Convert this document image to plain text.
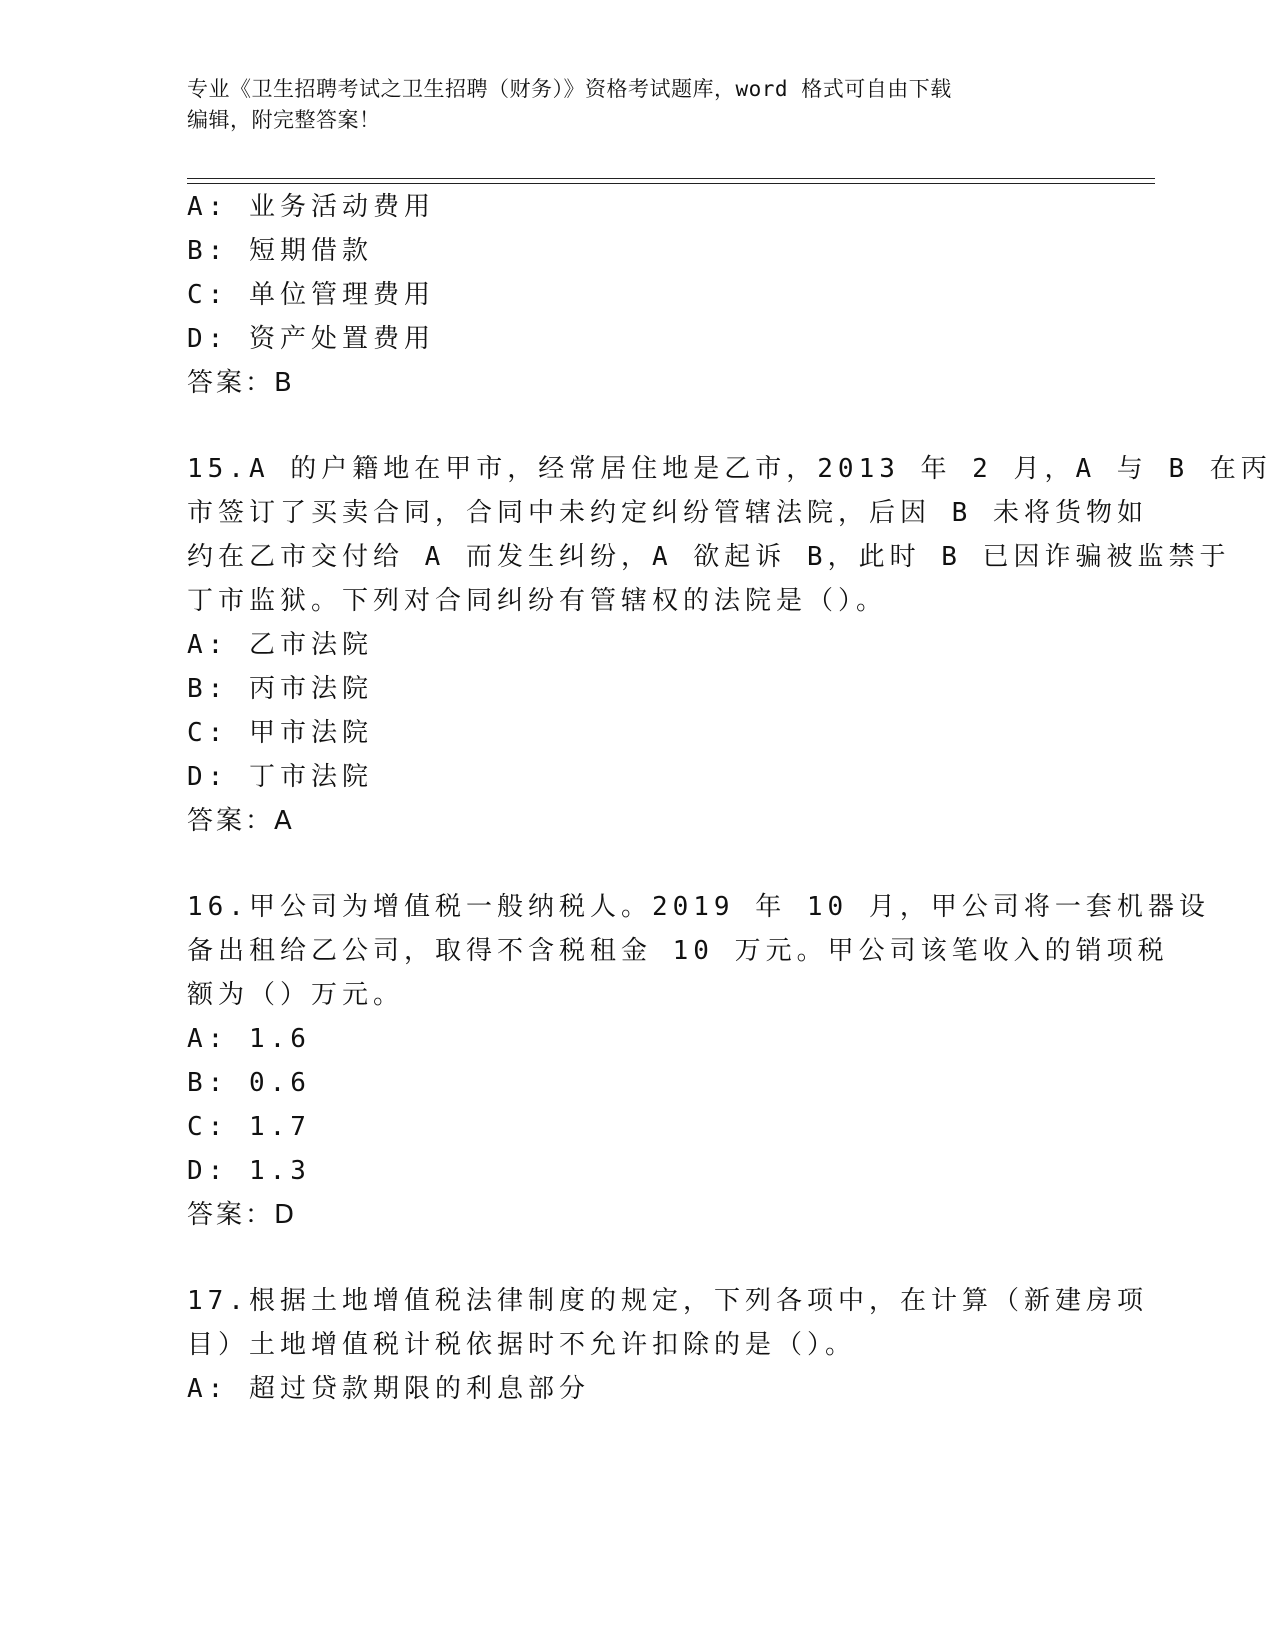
专业《卫生招聘考试之卫生招聘（财务）》资格考试题库，word 格式可自由下载
编辑，附完整答案！
A: 业务活动费用
B: 短期借款
C: 单位管理费用
D: 资产处置费用
答案：B
15.A 的户籍地在甲市，经常居住地是乙市，2013 年 2 月，A 与 B 在丙
市签订了买卖合同，合同中未约定纠纷管辖法院，后因 B 未将货物如
约在乙市交付给 A 而发生纠纷，A 欲起诉 B，此时 B 已因诈骗被监禁于
丁市监狱。下列对合同纠纷有管辖权的法院是（）。
A: 乙市法院
B: 丙市法院
C: 甲市法院
D: 丁市法院
答案：A
16.甲公司为增值税一般纳税人。2019 年 10 月，甲公司将一套机器设
备出租给乙公司，取得不含税租金 10 万元。甲公司该笔收入的销项税
额为（）万元。
A: 1.6
B: 0.6
C: 1.7
D: 1.3
答案：D
17.根据土地增值税法律制度的规定，下列各项中，在计算（新建房项
目）土地增值税计税依据时不允许扣除的是（）。
A: 超过贷款期限的利息部分
